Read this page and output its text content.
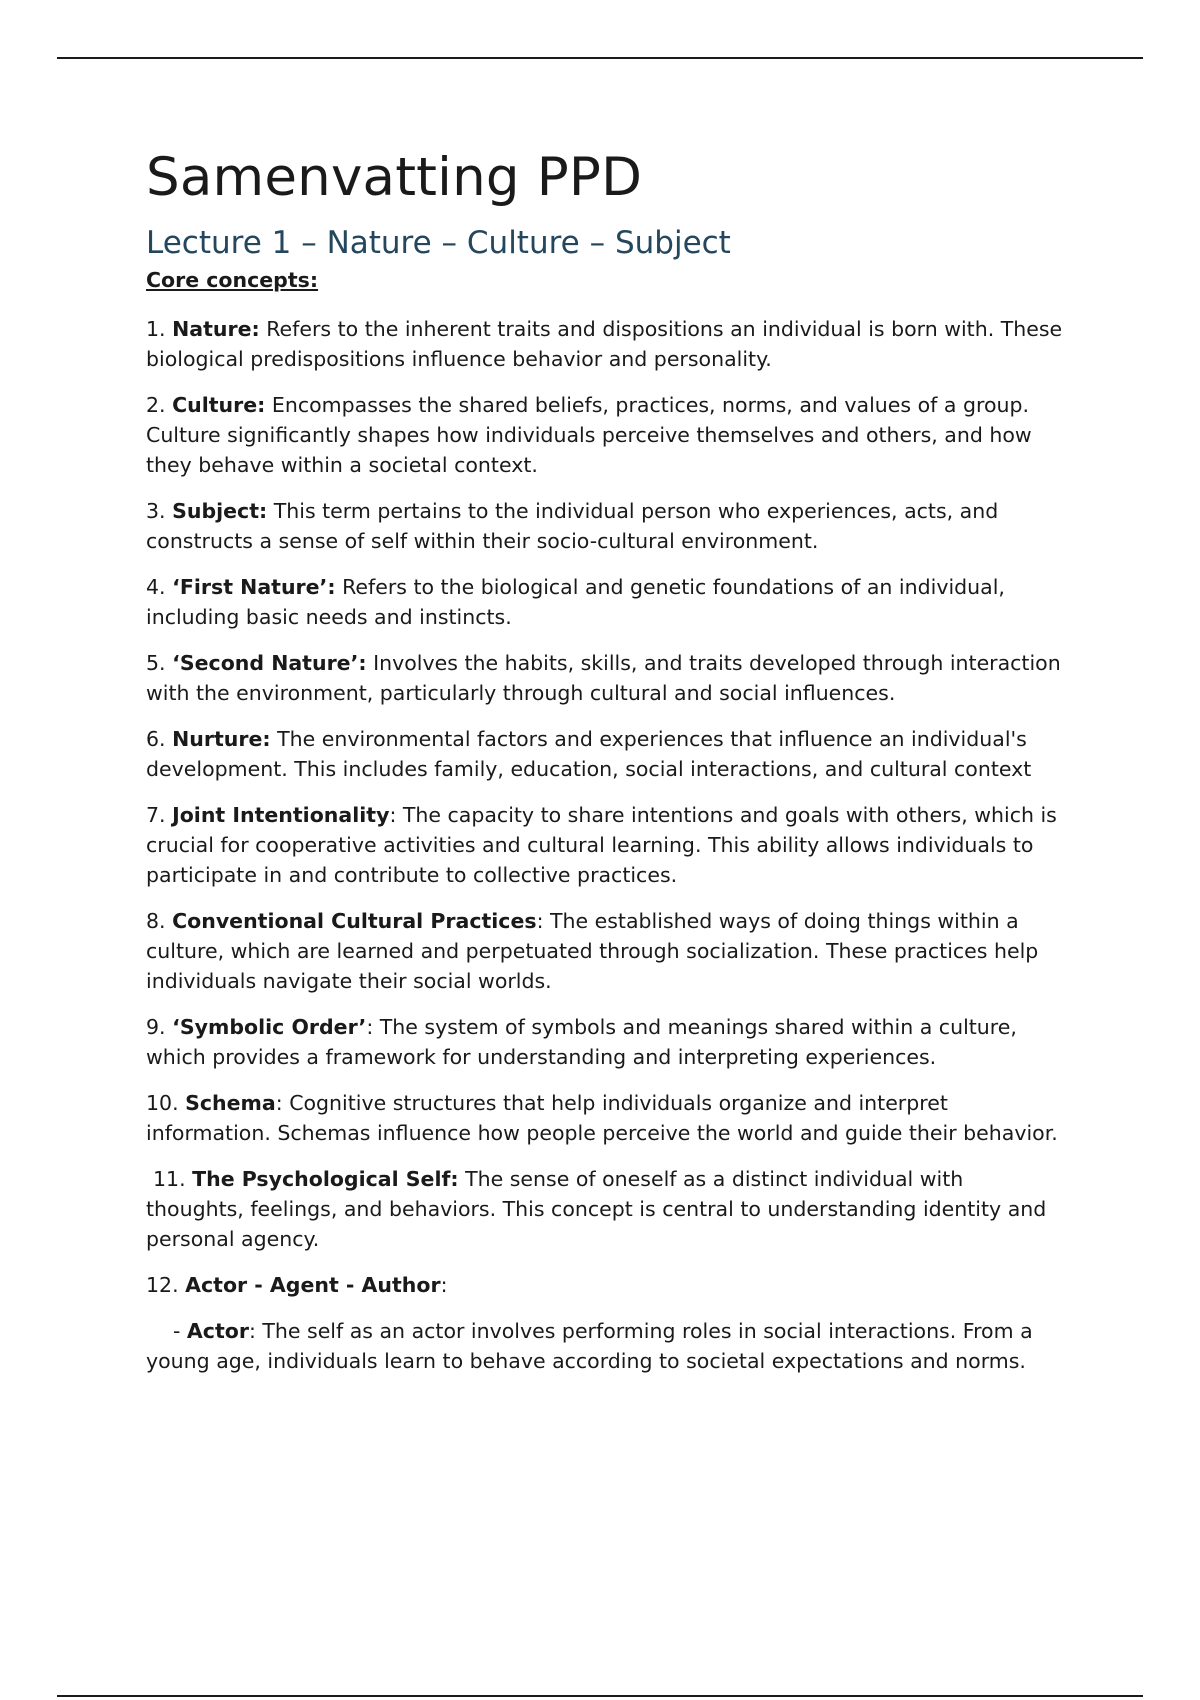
Samenvatting PPD
Lecture 1 – Nature – Culture – Subject

Core concepts:

1. Nature: Refers to the inherent traits and dispositions an individual is born with. These biological predispositions influence behavior and personality.

2. Culture: Encompasses the shared beliefs, practices, norms, and values of a group. Culture significantly shapes how individuals perceive themselves and others, and how they behave within a societal context.

3. Subject: This term pertains to the individual person who experiences, acts, and constructs a sense of self within their socio-cultural environment.

4. ‘First Nature’: Refers to the biological and genetic foundations of an individual, including basic needs and instincts.

5. ‘Second Nature’: Involves the habits, skills, and traits developed through interaction with the environment, particularly through cultural and social influences.

6. Nurture: The environmental factors and experiences that influence an individual's development. This includes family, education, social interactions, and cultural context

7. Joint Intentionality: The capacity to share intentions and goals with others, which is crucial for cooperative activities and cultural learning. This ability allows individuals to participate in and contribute to collective practices.

8. Conventional Cultural Practices: The established ways of doing things within a culture, which are learned and perpetuated through socialization. These practices help individuals navigate their social worlds.

9. ‘Symbolic Order’: The system of symbols and meanings shared within a culture, which provides a framework for understanding and interpreting experiences.

10. Schema: Cognitive structures that help individuals organize and interpret information. Schemas influence how people perceive the world and guide their behavior.

11. The Psychological Self: The sense of oneself as a distinct individual with thoughts, feelings, and behaviors. This concept is central to understanding identity and personal agency.

12. Actor - Agent - Author:

- Actor: The self as an actor involves performing roles in social interactions. From a young age, individuals learn to behave according to societal expectations and norms.
